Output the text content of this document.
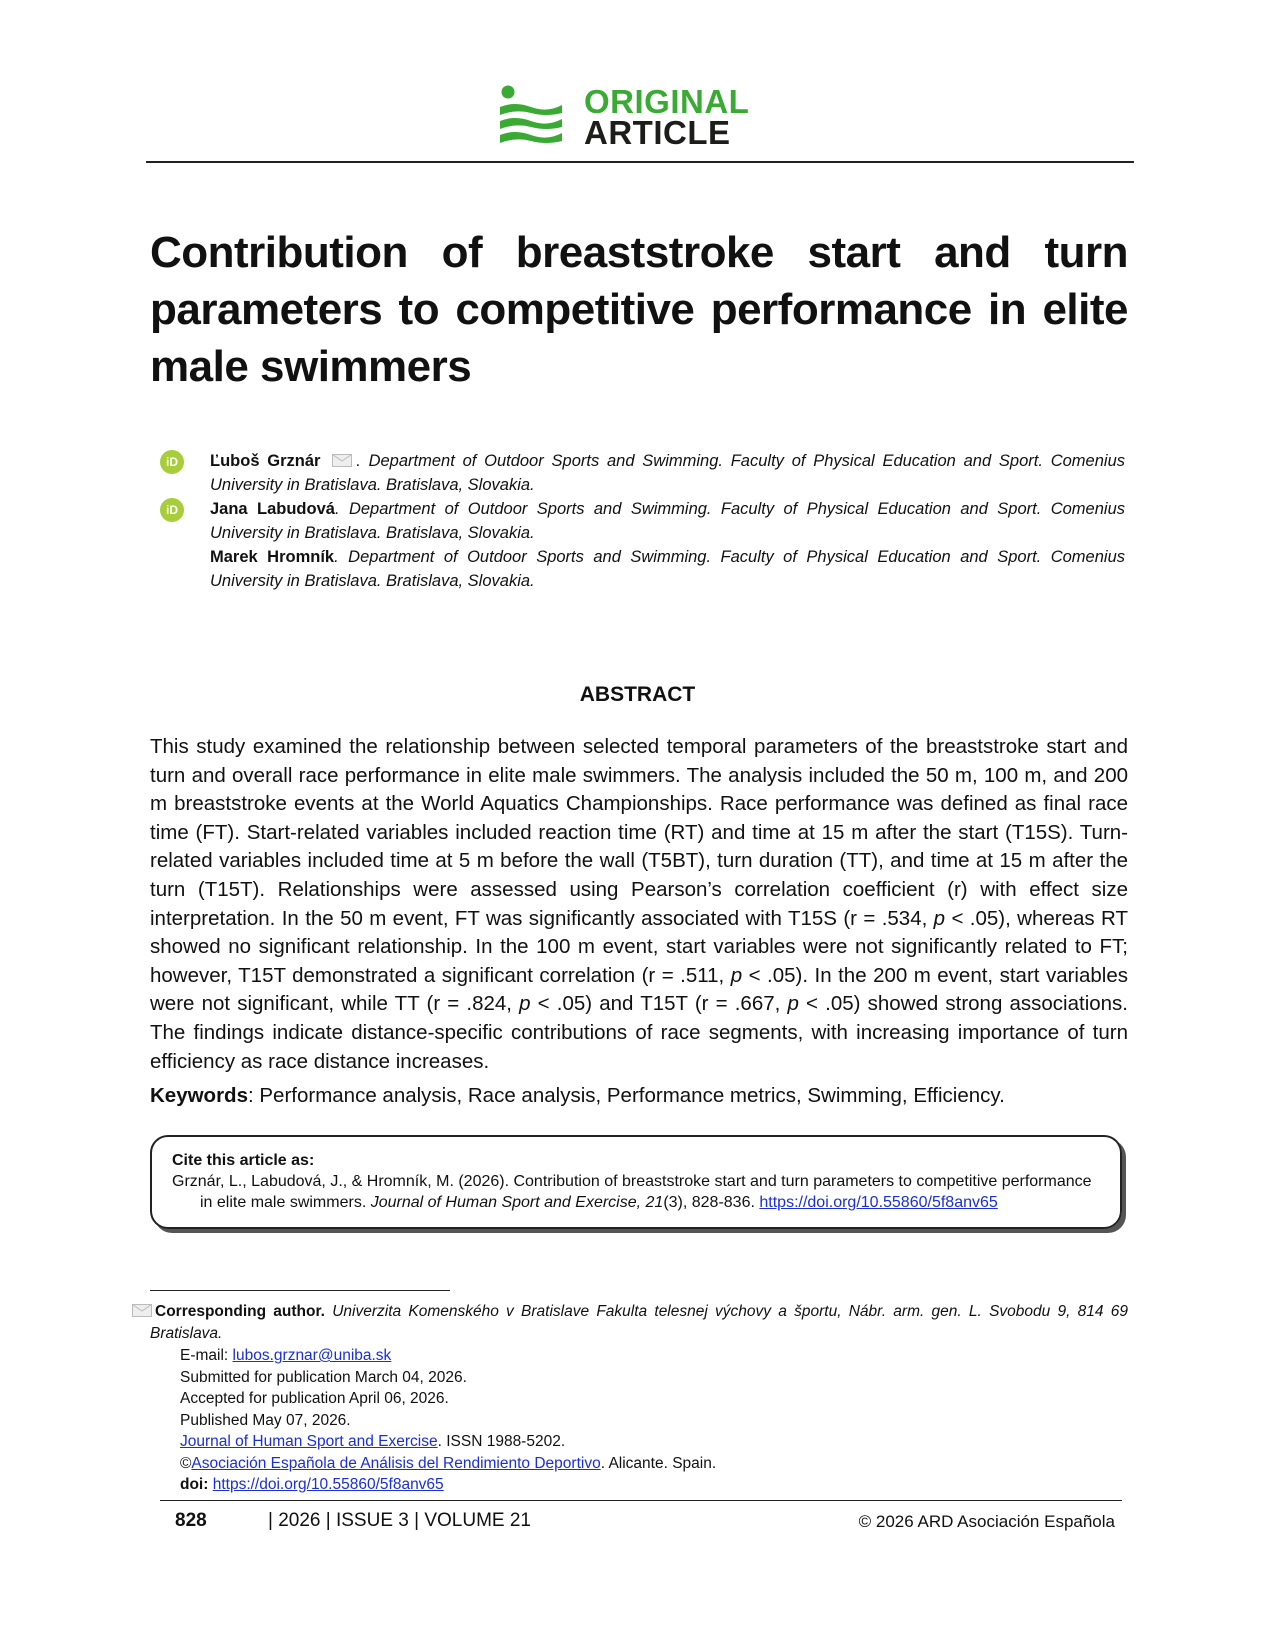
ORIGINAL
ARTICLE
Contribution of breaststroke start and turn parameters to competitive performance in elite male swimmers
iD	Ľuboš Grznár . Department of Outdoor Sports and Swimming. Faculty of Physical Education and Sport. Comenius University in Bratislava. Bratislava, Slovakia.
iD	Jana Labudová. Department of Outdoor Sports and Swimming. Faculty of Physical Education and Sport. Comenius University in Bratislava. Bratislava, Slovakia.
Marek Hromník. Department of Outdoor Sports and Swimming. Faculty of Physical Education and Sport. Comenius University in Bratislava. Bratislava, Slovakia.
ABSTRACT

This study examined the relationship between selected temporal parameters of the breaststroke start and turn and overall race performance in elite male swimmers. The analysis included the 50 m, 100 m, and 200 m breaststroke events at the World Aquatics Championships. Race performance was defined as final race time (FT). Start-related variables included reaction time (RT) and time at 15 m after the start (T15S). Turn-related variables included time at 5 m before the wall (T5BT), turn duration (TT), and time at 15 m after the turn (T15T). Relationships were assessed using Pearson’s correlation coefficient (r) with effect size interpretation. In the 50 m event, FT was significantly associated with T15S (r = .534, p < .05), whereas RT showed no significant relationship. In the 100 m event, start variables were not significantly related to FT; however, T15T demonstrated a significant correlation (r = .511, p < .05). In the 200 m event, start variables were not significant, while TT (r = .824, p < .05) and T15T (r = .667, p < .05) showed strong associations. The findings indicate distance-specific contributions of race segments, with increasing importance of turn efficiency as race distance increases.

Keywords: Performance analysis, Race analysis, Performance metrics, Swimming, Efficiency.

Cite this article as:
Grznár, L., Labudová, J., & Hromník, M. (2026). Contribution of breaststroke start and turn parameters to competitive performance in elite male swimmers. Journal of Human Sport and Exercise, 21(3), 828-836. https://doi.org/10.55860/5f8anv65
Corresponding author. Univerzita Komenského v Bratislave Fakulta telesnej výchovy a športu, Nábr. arm. gen. L. Svobodu 9, 814 69 Bratislava.
E-mail: lubos.grznar@uniba.sk
Submitted for publication March 04, 2026.
Accepted for publication April 06, 2026.
Published May 07, 2026.
Journal of Human Sport and Exercise. ISSN 1988-5202.
©Asociación Española de Análisis del Rendimiento Deportivo. Alicante. Spain.
doi: https://doi.org/10.55860/5f8anv65
828	| 2026 | ISSUE 3 | VOLUME 21	© 2026 ARD Asociación Española
